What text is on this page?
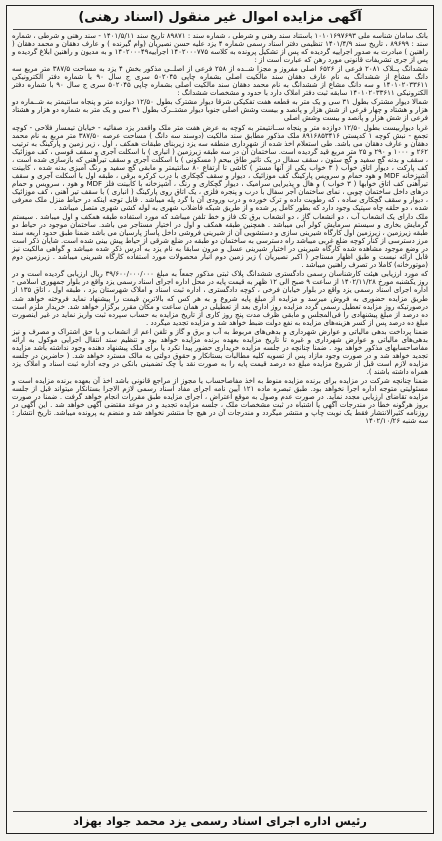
آگهی مزایده اموال غیر منقول (اسناد رهنی)

بانک سامان شناسه ملی ۱۰۱۰۱۶۹۷۶۹۳ باستناد سند رهنی و شرطی ، شماره سند : ۸۹۸۷۱ تاریخ سند ۱۴۰۱/۵/۱۱ - سند رهنی و شرطی ، شماره سند : ۸۹۶۹۹ ، تاریخ سند ۱۴۰۱/۴/۹ تنظیمی دفتر اسناد رسمی شماره ۴ یزد علیه حسن نصیریان (وام گیرنده ) و عارف دهقان و محمد دهقان ( راهنین ) مبادرت به صدور اجراییه گردیده که پس از تشکیل پرونده به کلاسه ۱۴۰۲۰۰۰۷۷۵ اجراییه۱۴۰۲۰۰۰۴۹ و به مدیون و راهنین ابلاغ گردیده و پس از جری تشریفات قانونی مورد رهن که عبارت است از :

ششدانگ پــلاک ۲۰۸۱ فرعی از ۶۵۲۶ اصلی مفروز و مجزا شــده از ۲۵۸ فرعی از اصلــی مذکور بخش ۴ یزد به مساحت ۳۸۷/۵ متر مربع سه دانگ مشاع از ششدانگ به نام عارف دهقان سند مالکیت اصلی بشماره چاپی ۵۰۲۰۴۵ سری ج سال ۹۰ با شماره دفتر الکترونیکی ۱۴۰۱۰۲۰۳۳۶۱۱ و سه دانگ مشاع از ششدانگ به نام محمد دهقان سند مالکیت اصلی بشماره چاپی ۵۰۲۰۴۵ سری ج سال ۹۰ با شماره دفتر الکترونیکی ۱۴۰۱۰۲۰۳۳۶۱۱ سابقه ثبت دفتر املاک دارد با حدود و مشخصات ششدانگ :

شمالا دیوار مشترک بطول ۳۱ سی و یک متر به قطعه هفت تفکیکی شرقا دیوار مشترک بطول ۱۲/۵۰ دوازده متر و پنجاه سانتیمتر به شــماره دو هزار و هشتاد و چهار فرعی از شش هزار و پانصد و بیست وشش اصلی جنوبا دیوار مشتــرک بطول ۳۱ سی و یک متر به شماره دو هزار و هشتاد فرعی از شش هزار و پانصد و بیست وشش اصلی

غربا دیواربیست بطول ۱۲/۵۰ دوازده متر و پنجاه ســانتیمتر به کوچه به عرض هفت متر ملک واقعدر یزد صفائیه - خیابان تیمسار فلاحی - کوچه تجمع - نبش کوچه ۱ کدپستی ۸۹۱۶۸۵۳۴۱۶ ملک مذکور مطابق سند مالکیت (دوسند سه دانگ ) مساحت عرصه ۳۸۷/۵۰ متر مربع به نام محمد دهقان و عارف دهقان می باشد. طی استعلام اخذ شده از شهرداری منطقه سه یزد زیربنای طبقات همکف ، اول ، زیر زمین و پارکینگ به ترتیب ۲۶۲ و ۱۰۰۰ و ۲۹۰ و ۲۵ متر مربع قید گردیده است. ساختمان آن در سه طبقه زیرزمین ( انباری ) با اسکلت آجری و سقف قوسی ، کف موزائیک ، سقف و بدنه گچ سفید و گچ ستون ، سقف سفال در یک تاثیر طاق بیحم ( مسکونی ) با اسکلت آجری و سقف تیرآهنی که بازسازی شده است ، کف پارکت ، دیوار اتاق خواب ( ۳ خواب یکی از آنها مستر ) کاشی تا ارتفاع ۸۰ سانتیمتر و مابقی گچ سفید و رنگ آمیزی بدنه شده ، کابینت آشپزخانه MDF و هود حمام و سرویس پارکینگ کف موزائیک ، دیوار و سقف گچکاری با درب کرکره برقی ، طبقه اول با اسکلت آجری و سقف تیرآهنی کف اتاق خوابها ( ۳ خواب ) و هال و پذیرایی سرامیک ، دیوار گچکاری و رنگ ، آشپزخانه با کابینت فلز MDF و هود ، سرویس و حمام درهای داخل ساختمان چوبی ، نمای ساختمان آجر سفال با درب و پنجره فلزی ، یک اتاق روی پارکینگ ( انباری ) با سقف تیر آهنی ، کف موزائیک ، دیوار و سقف گچکاری ساده ، که رطوبت داده و ترک خورده و درب ورودی آن با گرد پله میباشد . قابل توجه اینکه در حیاط منزل ملک معرفی شده ، دو حلقه چاه سپتیک وجود دارد که بطور کامل پر شده و از طریق شبکه فاضلاب شهری به لوله کشی شهری متصل میباشد .

ملک دارای یک انشعاب آب ، دو انشعاب گاز ، دو انشعاب برق تک فاز و خط تلفن میباشد که مورد استفاده طبقه همکف و اول میباشد . سیستم گرمایش بخاری و سیستم سرمایش کولر آبی میباشد . همچنین طبقه همکف و اول در اختیار مستاجر می باشد. ساختمان موجود در حیاط دو طبقه زیرزمین ، زیرزمین اول کارگاه شیرینی سازی و دستشویی آن از شیرینی فروشی داخل پاساژ پارسیان می باشد ضمنا طبق حدود اربعه سند مرز دسترسی از کنار کوچه ضلع غربی میباشد راه دسترسی به ساختمان دو طبقه در ضلع شرقی از حیاط پیش بینی شده است. شایان ذکر است در وضع موجود مشاهده شده کارگاه شیرینی در اختیار شیرینی عسل و مرون سابقا به نام یزد به آدرس ذکر شده میباشد و گواهی مالکیت نیز قابل ارائه نیست و طبق اظهار مستاجر ( اکبر نصیریان ) زیر زمین دوم انبار محصولات مورد استفاده کارگاه شیرینی میباشد . زیرزمین دوم (موتورخانه) کاملا در تصرف راهنین میباشد .

که مورد ارزیابی هیئت کارشناسان رسمی دادگستری ششدانگ پلاک ثبتی مذکور جمعاً به مبلغ ۳۹/۶۰۰/۰۰۰/۰۰۰ ریال ارزیابی گردیده است و در روز یکشنبه مورخ ۱۴۰۲/۱۱/۲۸ از ساعت ۹ صبح الی ۱۲ ظهر به قیمت پایه در محل اداره اجرای اسناد رسمی یزد واقع در بلوار جمهوری اسلامی - اداره اجرای اسناد رسمی یزد واقع در بلوار خیابان فرخی ، کوچه دادگستری ، اداره ثبت اسناد و املاک شهرستان یزد ، طبقه اول ، اتاق ۱۳۵ از طریق مزایده حضوری به فروش میرسد و مزایده از مبلغ پایه شروع و به هر کس که بالاترین قیمت را پیشنهاد نماید فروخته خواهد شد. درصورتیکه روز مزایده تعطیل رسمی گردد مزایده روز اداری بعد از تعطیلی در همان ساعت و مکان مقرر برگزار خواهد شد. خریدار ملزم است ده درصد از مبلغ پیشنهادی را فی‌المجلس و مابقی ظرف مدت پنج روز کاری از تاریخ مزایده به حساب سپرده ثبت واریز نماید در غیر اینصورت مبلغ ده درصد پس از کسر هزینه‌های مزایده به نفع دولت ضبط خواهد شد و مزایده تجدید میگردد .

ضمنا پرداخت بدهی مالیاتی و عوارض شهرداری و بدهی‌های مربوط به آب و برق و گاز و تلفن اعم از انشعاب و یا حق اشتراک و مصرف و نیز بدهی‌های مالیاتی و عوارض شهرداری و غیره تا تاریخ مزایده بعهده برنده مزایده خواهد بود و تنظیم سند انتقال اجرایی موکول به ارائه مفاصاحسابهای مذکور خواهد بود . ضمنا چنانچه در جلسه مزایده خریداری حضور پیدا نکرد یا برای ملک پیشنهاد دهنده وجود نداشته باشد مزایده تجدید خواهد شد و در صورت وجود مازاد پس از تسویه کلیه مطالبات بستانکار و حقوق دولتی به مالک مسترد خواهد شد. ( حاضرین در جلسه مزایده لازم است قبل از شروع مزایده مبلغ ده درصد قیمت پایه را به صورت نقد یا چک تضمینی بانکی در وجه اداره ثبت اسناد و املاک یزد همراه داشته باشند ).

ضمنا چنانچه شرکت در مزایده برای برنده مزایده منوط به اخذ مفاصاحساب یا مجوز از مراجع قانونی باشد اخذ آن بعهده برنده مزایده است و مسئولیتی متوجه اداره اجرا نخواهد بود. طبق تبصره ماده ۱۲۱ آیین نامه اجرای مفاد اسناد رسمی لازم الاجرا بستانکار میتواند قبل از جلسه مزایده تقاضای ارزیابی مجدد نماید. در صورت عدم وصول به موقع اعتراض ، اجرای مزایده طبق مقررات انجام خواهد گرفت . ضمنا در صورت بروز هرگونه خطا در مندرجات آگهی یا اشتباه در ثبت مشخصات ملک ، جلسه مزایده تجدید و در موعد مقتضی آگهی خواهد شد . این آگهی در روزنامه کثیرالانتشار فقط یک نوبت چاپ و منتشر میگردد و مندرجات آن در هیچ جا منتشر نخواهد شد و منضم به پرونده میباشد. تاریخ انتشار : سه شنبه ۱۴۰۲/۱۰/۲۶

رئیس اداره اجرای اسناد رسمی یزد محمد جواد بهزاد
